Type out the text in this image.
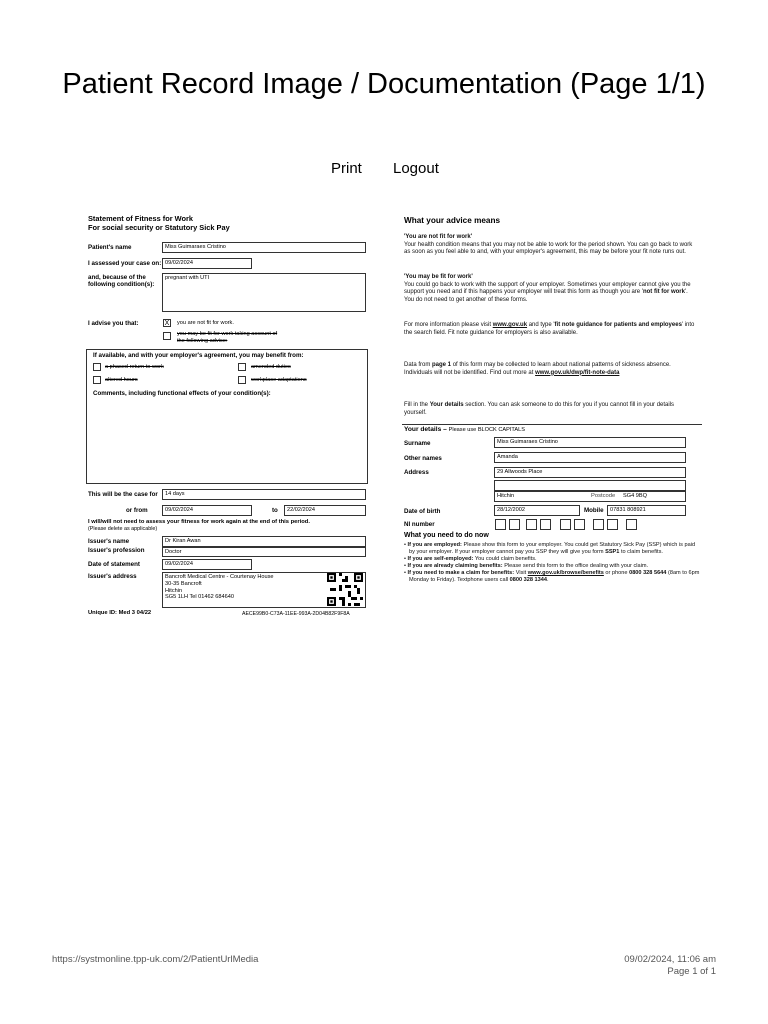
Patient Record Image / Documentation (Page 1/1)
Print Logout
Statement of Fitness for Work
For social security or Statutory Sick Pay
Patient's name	Miss Guimaraes Cristino
I assessed your case on: 09/02/2024
and, because of the
following condition(s):
pregnant with UTI
I advise you that:	X you are not fit for work.
you may be fit for work taking account of
the following advice:
If available, and with your employer's agreement, you may benefit from:
a phased return to work	amended duties
altered hours	workplace adaptations
Comments, including functional effects of your condition(s):
This will be the case for	14 days
or from	09/02/2024	to	22/02/2024
I will/will not need to assess your fitness for work again at the end of this period.
(Please delete as applicable)
Issuer's name	Dr Kiran Awan
Issuer's profession	Doctor
Date of statement	09/02/2024
Issuer's address	Bancroft Medical Centre - Courtenay House
30-35 Bancroft
Hitchin
SG5 1LH Tel 01462 684640
Unique ID: Med 3 04/22	AECE99B0-C73A-11EE-993A-2D04B82F9F8A
What your advice means
'You are not fit for work'
Your health condition means that you may not be able to work for the period shown. You can go back to work as soon as you feel able to and, with your employer's agreement, this may be before your fit note runs out.
'You may be fit for work'
You could go back to work with the support of your employer. Sometimes your employer cannot give you the support you need and if this happens your employer will treat this form as though you are 'not fit for work'. You do not need to get another of these forms.
For more information please visit www.gov.uk and type 'fit note guidance for patients and employees' into the search field. Fit note guidance for employers is also available.
Data from page 1 of this form may be collected to learn about national patterns of sickness absence. Individuals will not be identified. Find out more at www.gov.uk/dwp/fit-note-data
Fill in the Your details section. You can ask someone to do this for you if you cannot fill in your details yourself.
Your details – Please use BLOCK CAPITALS
Surname	Miss Guimaraes Cristino
Other names	Amanda
Address	29 Allwoods Place
Hitchin	Postcode SG4 9BQ
Date of birth	28/12/2002	Mobile	07831 808921
NI number
What you need to do now
• If you are employed: Please show this form to your employer. You could get Statutory Sick Pay (SSP) which is paid by your employer. If your employer cannot pay you SSP they will give you form SSP1 to claim benefits.
• If you are self-employed: You could claim benefits.
• If you are already claiming benefits: Please send this form to the office dealing with your claim.
• If you need to make a claim for benefits: Visit www.gov.uk/browse/benefits or phone 0800 328 5644 (8am to 6pm Monday to Friday). Textphone users call 0800 328 1344.
https://systmonline.tpp-uk.com/2/PatientUrlMedia	09/02/2024, 11:06 am
Page 1 of 1
